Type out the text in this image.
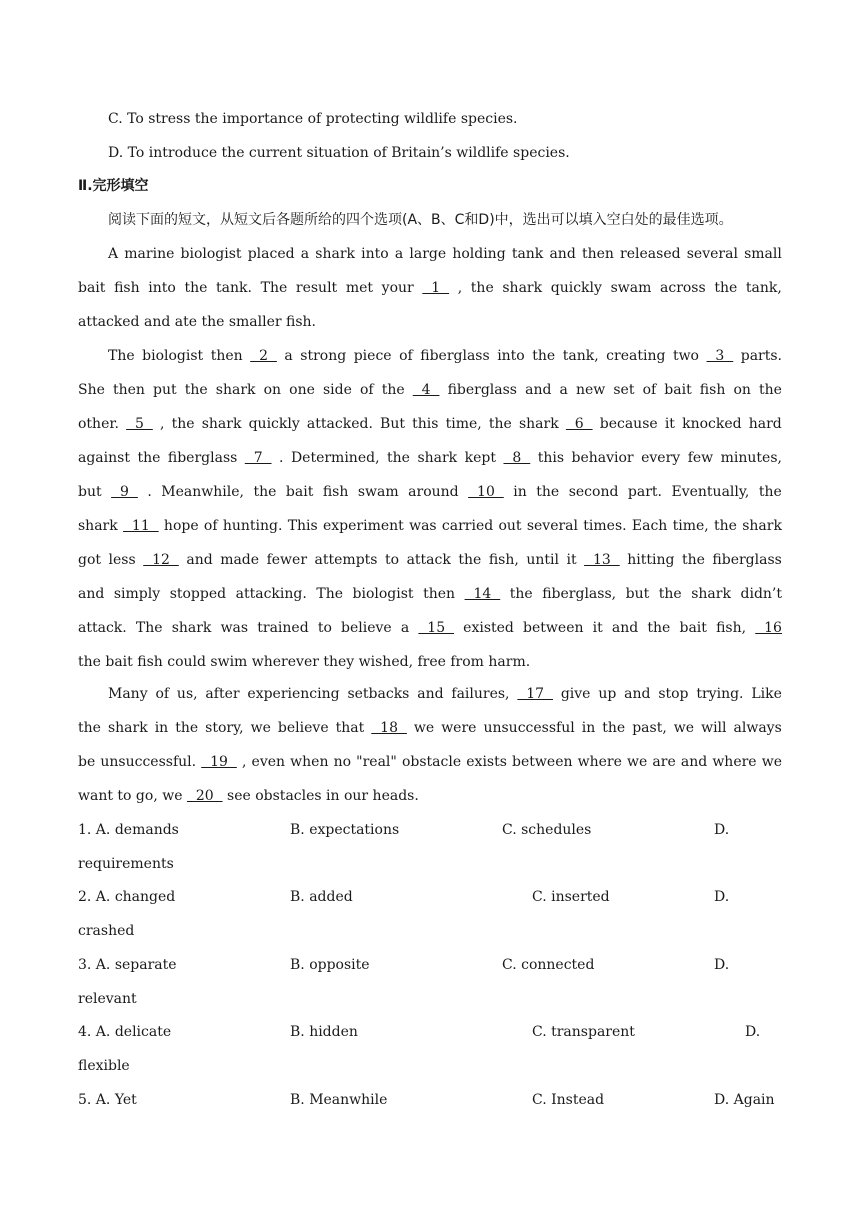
C. To stress the importance of protecting wildlife species.
D. To introduce the current situation of Britain’s wildlife species.
Ⅱ.完形填空
阅读下面的短文，从短文后各题所给的四个选项(A、B、C和D)中，选出可以填入空白处的最佳选项。
A marine biologist placed a shark into a large holding tank and then released several small
bait fish into the tank. The result met your 1 , the shark quickly swam across the tank,
attacked and ate the smaller fish.
The biologist then 2 a strong piece of fiberglass into the tank, creating two 3 parts.
She then put the shark on one side of the 4 fiberglass and a new set of bait fish on the
other. 5 , the shark quickly attacked. But this time, the shark 6 because it knocked hard
against the fiberglass 7 . Determined, the shark kept 8 this behavior every few minutes,
but 9 . Meanwhile, the bait fish swam around 10 in the second part. Eventually, the
shark 11 hope of hunting. This experiment was carried out several times. Each time, the shark
got less 12 and made fewer attempts to attack the fish, until it 13 hitting the fiberglass
and simply stopped attacking. The biologist then 14 the fiberglass, but the shark didn’t
attack. The shark was trained to believe a 15 existed between it and the bait fish, 16
the bait fish could swim wherever they wished, free from harm.
Many of us, after experiencing setbacks and failures, 17 give up and stop trying. Like
the shark in the story, we believe that 18 we were unsuccessful in the past, we will always
be unsuccessful. 19 , even when no "real" obstacle exists between where we are and where we
want to go, we   20   see obstacles in our heads.
1. A. demands	B. expectations	C. schedules	D.
requirements
2. A. changed	B. added	C. inserted	D.
crashed
3. A. separate	B. opposite	C. connected	D.
relevant
4. A. delicate	B. hidden	C. transparent	D.
flexible
5. A. Yet	B. Meanwhile	C. Instead	D. Again
